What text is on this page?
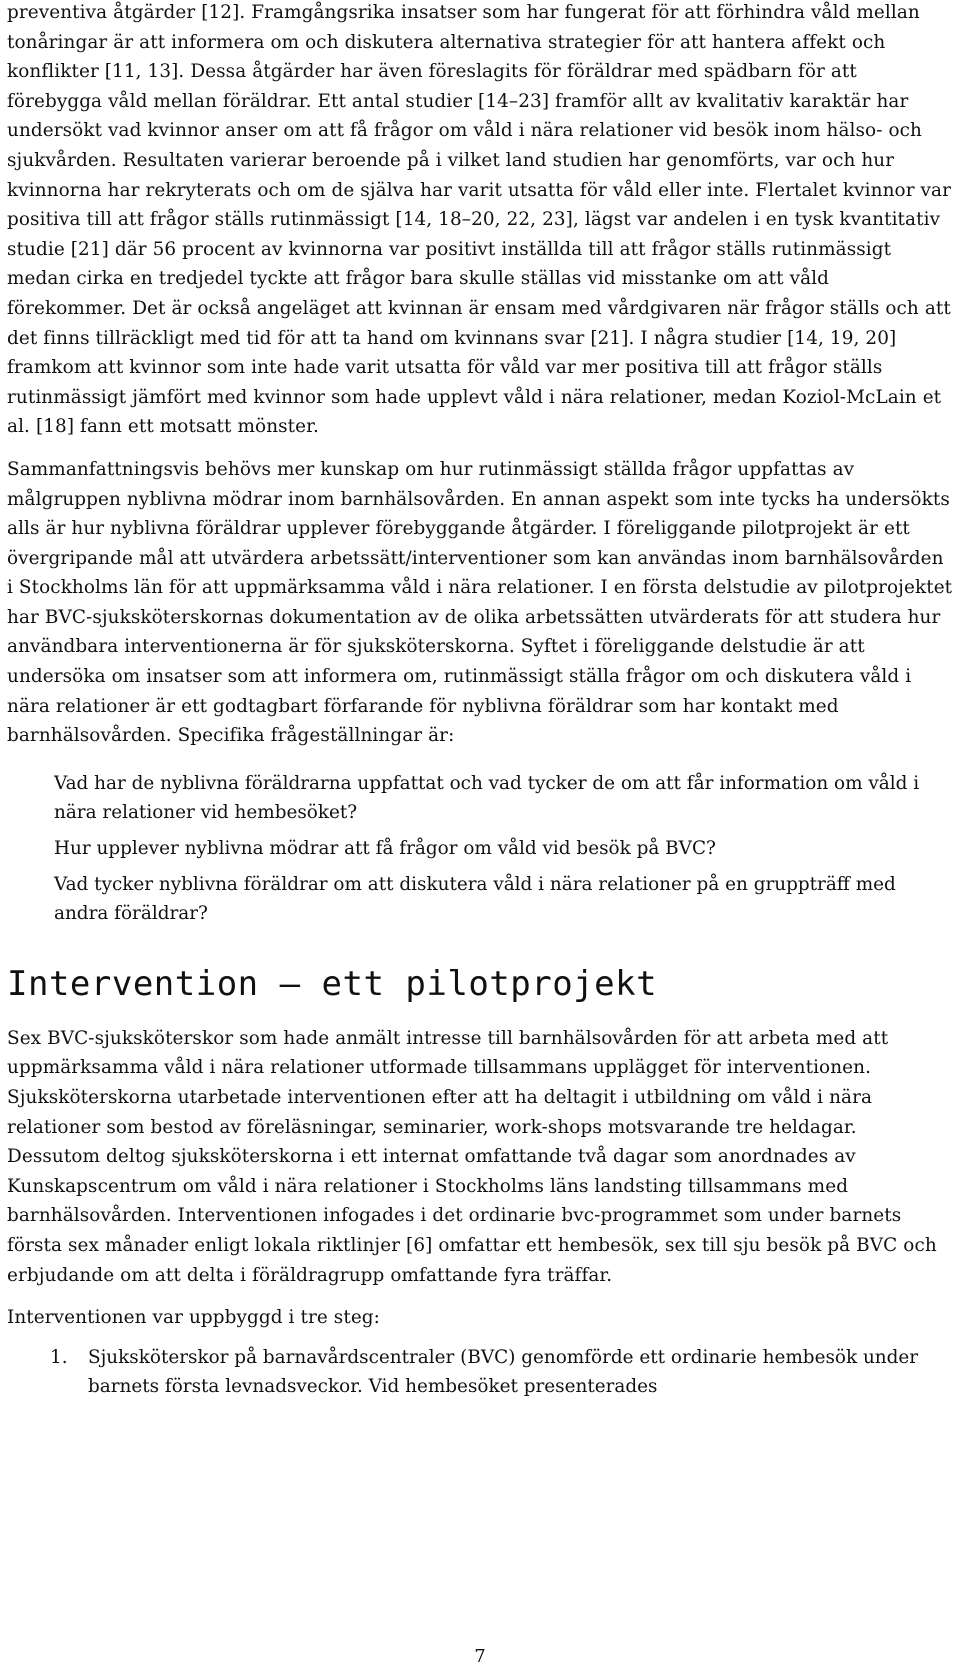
preventiva åtgärder [12]. Framgångsrika insatser som har fungerat för att förhindra våld mellan tonåringar är att informera om och diskutera alternativa strategier för att hantera affekt och konflikter [11, 13]. Dessa åtgärder har även föreslagits för föräldrar med spädbarn för att förebygga våld mellan föräldrar. Ett antal studier [14–23] framför allt av kvalitativ karaktär har undersökt vad kvinnor anser om att få frågor om våld i nära relationer vid besök inom hälso- och sjukvården. Resultaten varierar beroende på i vilket land studien har genomförts, var och hur kvinnorna har rekryterats och om de själva har varit utsatta för våld eller inte. Flertalet kvinnor var positiva till att frågor ställs rutinmässigt [14, 18–20, 22, 23], lägst var andelen i en tysk kvantitativ studie [21] där 56 procent av kvinnorna var positivt inställda till att frågor ställs rutinmässigt medan cirka en tredjedel tyckte att frågor bara skulle ställas vid misstanke om att våld förekommer. Det är också angeläget att kvinnan är ensam med vårdgivaren när frågor ställs och att det finns tillräckligt med tid för att ta hand om kvinnans svar [21]. I några studier [14, 19, 20] framkom att kvinnor som inte hade varit utsatta för våld var mer positiva till att frågor ställs rutinmässigt jämfört med kvinnor som hade upplevt våld i nära relationer, medan Koziol-McLain et al. [18] fann ett motsatt mönster.

Sammanfattningsvis behövs mer kunskap om hur rutinmässigt ställda frågor uppfattas av målgruppen nyblivna mödrar inom barnhälsovården. En annan aspekt som inte tycks ha undersökts alls är hur nyblivna föräldrar upplever förebyggande åtgärder. I föreliggande pilotprojekt är ett övergripande mål att utvärdera arbetssätt/interventioner som kan användas inom barnhälsovården i Stockholms län för att uppmärksamma våld i nära relationer. I en första delstudie av pilotprojektet har BVC-sjuksköterskornas dokumentation av de olika arbetssätten utvärderats för att studera hur användbara interventionerna är för sjuksköterskorna. Syftet i föreliggande delstudie är att undersöka om insatser som att informera om, rutinmässigt ställa frågor om och diskutera våld i nära relationer är ett godtagbart förfarande för nyblivna föräldrar som har kontakt med barnhälsovården. Specifika frågeställningar är:

Vad har de nyblivna föräldrarna uppfattat och vad tycker de om att får information om våld i nära relationer vid hembesöket?
Hur upplever nyblivna mödrar att få frågor om våld vid besök på BVC?
Vad tycker nyblivna föräldrar om att diskutera våld i nära relationer på en gruppträff med andra föräldrar?
Intervention – ett pilotprojekt

Sex BVC-sjuksköterskor som hade anmält intresse till barnhälsovården för att arbeta med att uppmärksamma våld i nära relationer utformade tillsammans upplägget för interventionen. Sjuksköterskorna utarbetade interventionen efter att ha deltagit i utbildning om våld i nära relationer som bestod av föreläsningar, seminarier, work-shops motsvarande tre heldagar. Dessutom deltog sjuksköterskorna i ett internat omfattande två dagar som anordnades av Kunskapscentrum om våld i nära relationer i Stockholms läns landsting tillsammans med barnhälsovården. Interventionen infogades i det ordinarie bvc-programmet som under barnets första sex månader enligt lokala riktlinjer [6] omfattar ett hembesök, sex till sju besök på BVC och erbjudande om att delta i föräldragrupp omfattande fyra träffar.

Interventionen var uppbyggd i tre steg:

1. Sjuksköterskor på barnavårdscentraler (BVC) genomförde ett ordinarie hembesök under barnets första levnadsveckor. Vid hembesöket presenterades
7
